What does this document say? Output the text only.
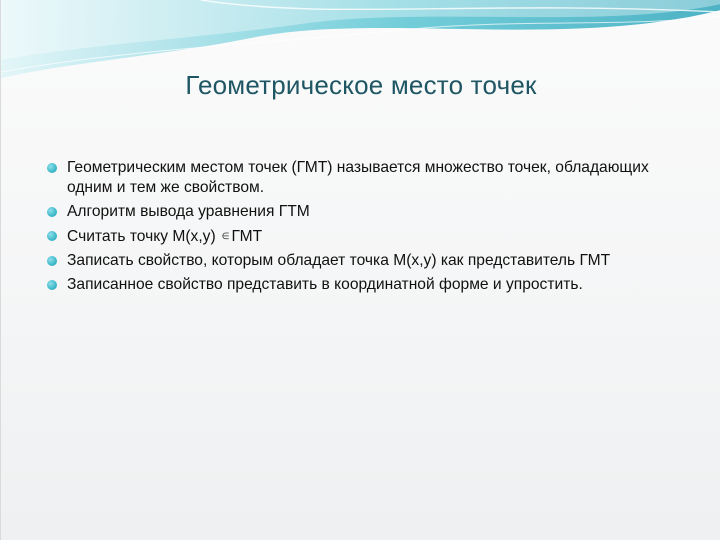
Геометрическое место точек
Геометрическим местом точек (ГМТ) называется множество точек, обладающих одним и тем же свойством.
Алгоритм вывода уравнения ГТМ
Считать точку M(x,y) ∈ ГМТ
Записать свойство, которым обладает точка M(x,y) как представитель ГМТ
Записанное свойство представить в координатной форме и упростить.
